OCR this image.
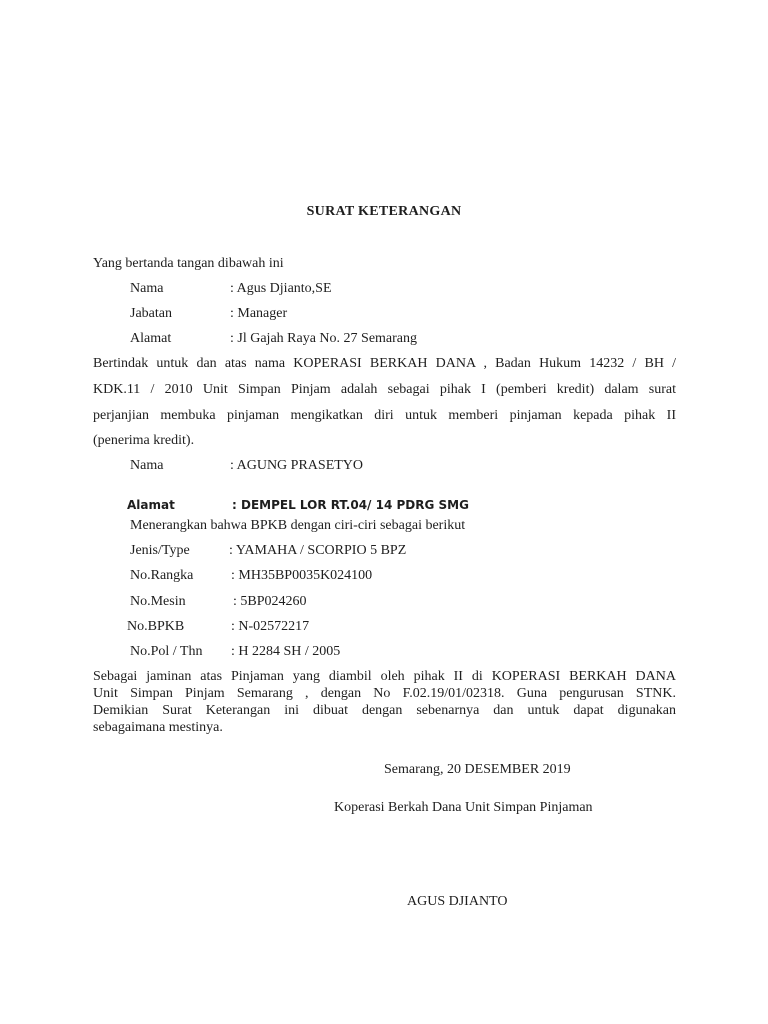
SURAT KETERANGAN
Yang bertanda tangan dibawah ini
Nama	: Agus Djianto,SE
Jabatan	: Manager
Alamat	: Jl Gajah Raya No. 27 Semarang
Bertindak untuk dan atas nama KOPERASI BERKAH DANA , Badan Hukum 14232 / BH /
KDK.11 / 2010 Unit Simpan Pinjam adalah sebagai pihak I (pemberi kredit) dalam surat
perjanjian membuka pinjaman mengikatkan diri untuk memberi pinjaman kepada pihak II
(penerima kredit).
Nama	: AGUNG PRASETYO
Alamat	: DEMPEL LOR RT.04/ 14 PDRG SMG
Menerangkan bahwa BPKB dengan ciri-ciri sebagai berikut
Jenis/Type	: YAMAHA / SCORPIO 5 BPZ
No.Rangka	: MH35BP0035K024100
No.Mesin	: 5BP024260
No.BPKB	: N-02572217
No.Pol / Thn : H 2284 SH / 2005
Sebagai jaminan atas Pinjaman yang diambil oleh pihak II di KOPERASI BERKAH DANA
Unit Simpan Pinjam Semarang , dengan No F.02.19/01/02318. Guna pengurusan STNK.
Demikian Surat Keterangan ini dibuat dengan sebenarnya dan untuk dapat digunakan
sebagaimana mestinya.
Semarang, 20 DESEMBER 2019
Koperasi Berkah Dana Unit Simpan Pinjaman
AGUS DJIANTO
